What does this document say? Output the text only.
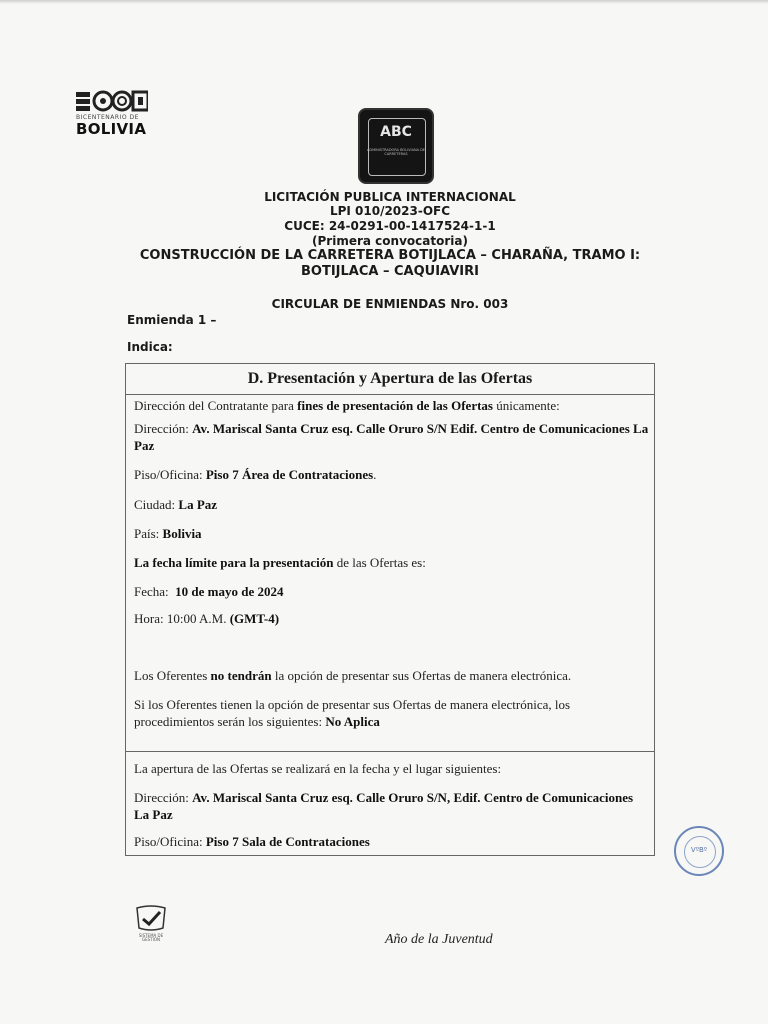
BICENTENARIO DE
BOLIVIA	ABC
ADMINISTRADORA BOLIVIANA DE CARRETERAS
LICITACIÓN PUBLICA INTERNACIONAL
LPI 010/2023-OFC
CUCE: 24-0291-00-1417524-1-1
(Primera convocatoria)
CONSTRUCCIÓN DE LA CARRETERA BOTIJLACA – CHARAÑA, TRAMO I:
BOTIJLACA – CAQUIAVIRI
CIRCULAR DE ENMIENDAS Nro. 003
Enmienda 1 –
Indica:
D. Presentación y Apertura de las Ofertas
Dirección del Contratante para fines de presentación de las Ofertas únicamente:
Dirección: Av. Mariscal Santa Cruz esq. Calle Oruro S/N Edif. Centro de Comunicaciones La Paz
Piso/Oficina: Piso 7 Área de Contrataciones.
Ciudad: La Paz
País: Bolivia
La fecha límite para la presentación de las Ofertas es:
Fecha:  10 de mayo de 2024
Hora: 10:00 A.M. (GMT-4)
Los Oferentes no tendrán la opción de presentar sus Ofertas de manera electrónica.
Si los Oferentes tienen la opción de presentar sus Ofertas de manera electrónica, los procedimientos serán los siguientes: No Aplica
La apertura de las Ofertas se realizará en la fecha y el lugar siguientes:
Dirección: Av. Mariscal Santa Cruz esq. Calle Oruro S/N, Edif. Centro de Comunicaciones La Paz
Piso/Oficina: Piso 7 Sala de Contrataciones
VºBº
SISTEMA DE GESTIÓN	Año de la Juventud
